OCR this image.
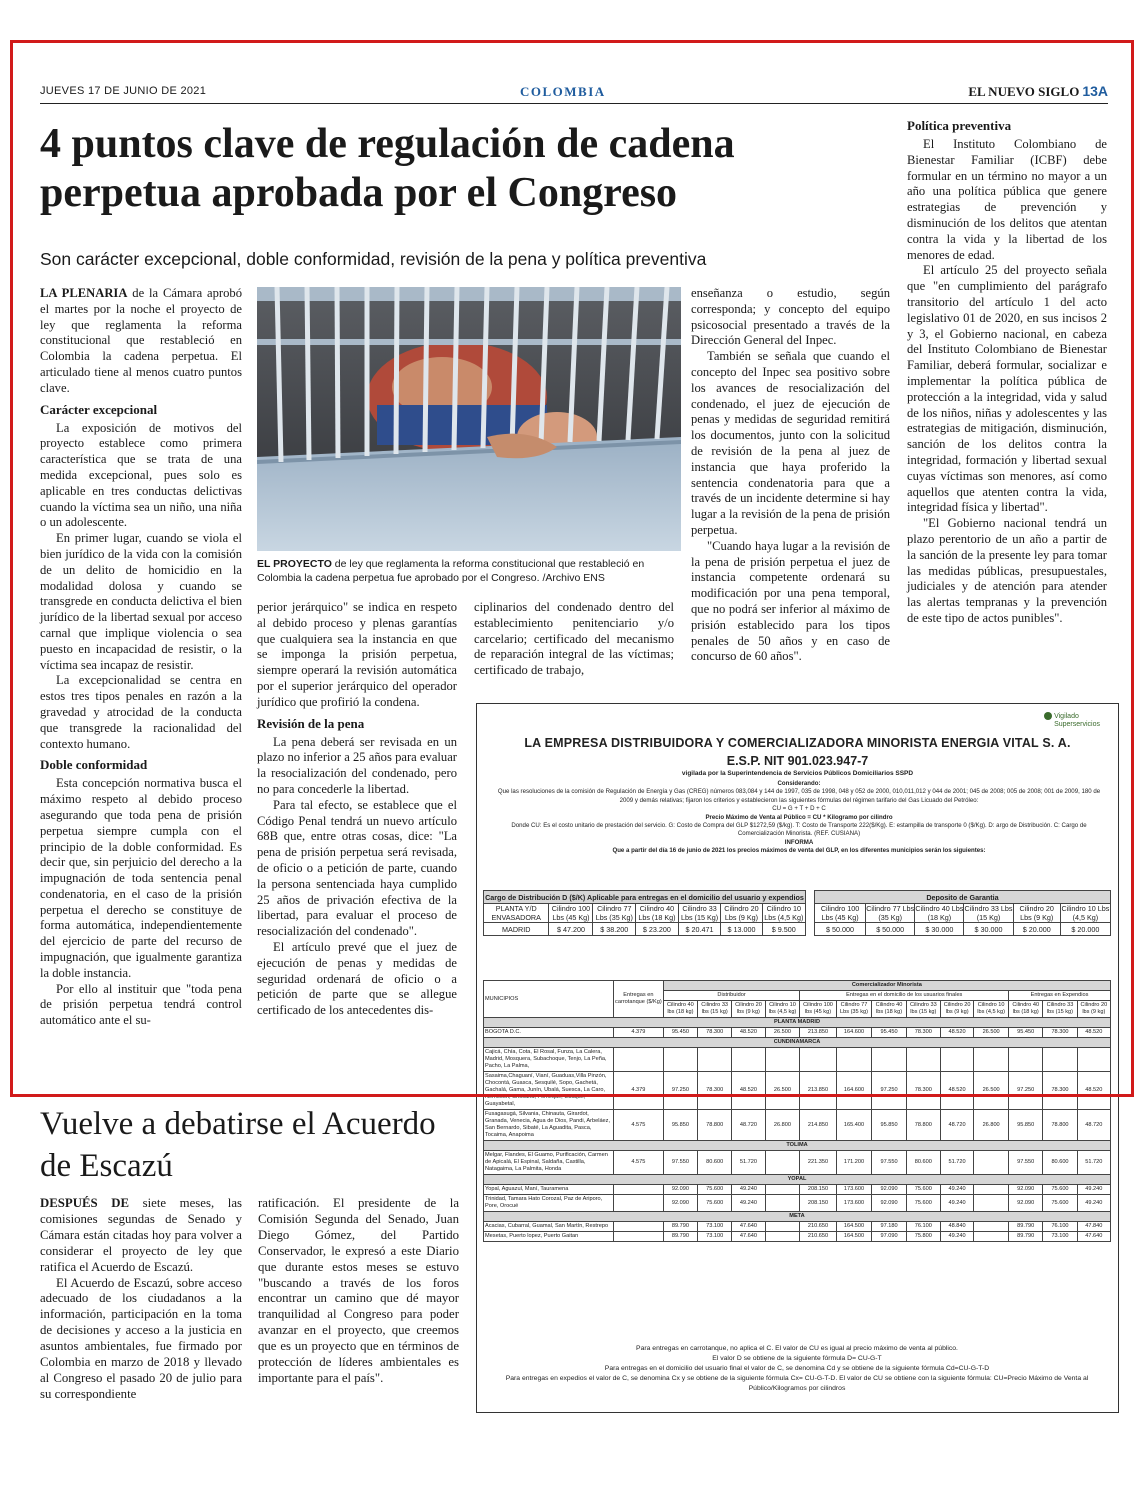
JUEVES 17 DE JUNIO DE 2021	COLOMBIA	EL NUEVO SIGLO 13A
4 puntos clave de regulación de cadena perpetua aprobada por el Congreso
Son carácter excepcional, doble conformidad, revisión de la pena y política preventiva

LA PLENARIA de la Cámara aprobó el martes por la noche el proyecto de ley que reglamenta la reforma constitucional que restableció en Colombia la cadena perpetua. El articulado tiene al menos cuatro puntos clave.

Carácter excepcional

La exposición de motivos del proyecto establece como primera característica que se trata de una medida excepcional, pues solo es aplicable en tres conductas delictivas cuando la víctima sea un niño, una niña o un adolescente.

En primer lugar, cuando se viola el bien jurídico de la vida con la comisión de un delito de homicidio en la modalidad dolosa y cuando se transgrede en conducta delictiva el bien jurídico de la libertad sexual por acceso carnal que implique violencia o sea puesto en incapacidad de resistir, o la víctima sea incapaz de resistir.

La excepcionalidad se centra en estos tres tipos penales en razón a la gravedad y atrocidad de la conducta que transgrede la racionalidad del contexto humano.

Doble conformidad

Esta concepción normativa busca el máximo respeto al debido proceso asegurando que toda pena de prisión perpetua siempre cumpla con el principio de la doble conformidad. Es decir que, sin perjuicio del derecho a la impugnación de toda sentencia penal condenatoria, en el caso de la prisión perpetua el derecho se constituye de forma automática, independientemente del ejercicio de parte del recurso de impugnación, que igualmente garantiza la doble instancia.

Por ello al instituir que "toda pena de prisión perpetua tendrá control automático ante el su-

EL PROYECTO de ley que reglamenta la reforma constitucional que restableció en Colombia la cadena perpetua fue aprobado por el Congreso. /Archivo ENS

perior jerárquico" se indica en respeto al debido proceso y plenas garantías que cualquiera sea la instancia en que se imponga la prisión perpetua, siempre operará la revisión automática por el superior jerárquico del operador jurídico que profirió la condena.

Revisión de la pena

La pena deberá ser revisada en un plazo no inferior a 25 años para evaluar la resocialización del condenado, pero no para concederle la libertad.

Para tal efecto, se establece que el Código Penal tendrá un nuevo artículo 68B que, entre otras cosas, dice: "La pena de prisión perpetua será revisada, de oficio o a petición de parte, cuando la persona sentenciada haya cumplido 25 años de privación efectiva de la libertad, para evaluar el proceso de resocialización del condenado".

El artículo prevé que el juez de ejecución de penas y medidas de seguridad ordenará de oficio o a petición de parte que se allegue certificado de los antecedentes dis-

ciplinarios del condenado dentro del establecimiento penitenciario y/o carcelario; certificado del mecanismo de reparación integral de las víctimas; certificado de trabajo,

enseñanza o estudio, según corresponda; y concepto del equipo psicosocial presentado a través de la Dirección General del Inpec.

También se señala que cuando el concepto del Inpec sea positivo sobre los avances de resocialización del condenado, el juez de ejecución de penas y medidas de seguridad remitirá los documentos, junto con la solicitud de revisión de la pena al juez de instancia que haya proferido la sentencia condenatoria para que a través de un incidente determine si hay lugar a la revisión de la pena de prisión perpetua.

"Cuando haya lugar a la revisión de la pena de prisión perpetua el juez de instancia competente ordenará su modificación por una pena temporal, que no podrá ser inferior al máximo de prisión establecido para los tipos penales de 50 años y en caso de concurso de 60 años".

Política preventiva

El Instituto Colombiano de Bienestar Familiar (ICBF) debe formular en un término no mayor a un año una política pública que genere estrategias de prevención y disminución de los delitos que atentan contra la vida y la libertad de los menores de edad.

El artículo 25 del proyecto señala que "en cumplimiento del parágrafo transitorio del artículo 1 del acto legislativo 01 de 2020, en sus incisos 2 y 3, el Gobierno nacional, en cabeza del Instituto Colombiano de Bienestar Familiar, deberá formular, socializar e implementar la política pública de protección a la integridad, vida y salud de los niños, niñas y adolescentes y las estrategias de mitigación, disminución, sanción de los delitos contra la integridad, formación y libertad sexual cuyas víctimas son menores, así como aquellos que atenten contra la vida, integridad física y libertad".

"El Gobierno nacional tendrá un plazo perentorio de un año a partir de la sanción de la presente ley para tomar las medidas públicas, presupuestales, judiciales y de atención para atender las alertas tempranas y la prevención de este tipo de actos punibles".

Vigilado
Superservicios
LA EMPRESA DISTRIBUIDORA Y COMERCIALIZADORA MINORISTA ENERGIA VITAL S. A.
E.S.P. NIT 901.023.947-7
vigilada por la Superintendencia de Servicios Públicos Domiciliarios SSPD
Considerando:
Que las resoluciones de la comisión de Regulación de Energía y Gas (CREG) números 083,084 y 144 de 1997, 035 de 1998, 048 y 052 de 2000, 010,011,012 y 044 de 2001; 045 de 2008; 005 de 2008; 001 de 2009, 180 de 2009 y demás relativas; fijaron los criterios y establecieron las siguientes fórmulas del régimen tarifario del Gas Licuado del Petróleo:
CU = G + T + D + C
Precio Máximo de Venta al Público = CU * Kilogramo por cilindro
Donde CU: Es el costo unitario de prestación del servicio. G: Costo de Compra del GLP $1272,59 ($/kg). T: Costo de Transporte 222($/Kg). E: estampilla de transporte 0 ($/Kg). D: argo de Distribución. C: Cargo de Comercialización Minorista. (REF. CUSIANA)
INFORMA
Que a partir del día 16 de junio de 2021 los precios máximos de venta del GLP, en los diferentes municipios serán los siguientes:
Cargo de Distribución D ($/K) Aplicable para entregas en el domicilio del usuario y expendios						
PLANTA Y/D ENVASADORA	Cilindro 100 Lbs (45 Kg)	Cilindro 77 Lbs (35 Kg)	Cilindro 40 Lbs (18 Kg)	Cilindro 33 Lbs (15 Kg)	Cilindro 20 Lbs (9 Kg)	Cilindro 10 Lbs (4,5 Kg)
MADRID	$ 47.200	$ 38.200	$ 23.200	$ 20.471	$ 13.000	$ 9.500
Deposito de Garantia					
Cilindro 100 Lbs (45 Kg)	Cilindro 77 Lbs (35 Kg)	Cilindro 40 Lbs (18 Kg)	Cilindro 33 Lbs (15 Kg)	Cilindro 20 Lbs (9 Kg)	Cilindro 10 Lbs (4,5 Kg)
$ 50.000	$ 50.000	$ 30.000	$ 30.000	$ 20.000	$ 20.000
MUNICIPIOS	Entregas en carrotanque ($/Kg)	Comercializador Minorista												
		Distribuidor				Entregas en el domicilio de los usuarios finales						Entregas en Expendios		
		Cilindro 40 lbs (18 kg)	Cilindro 33 lbs (15 kg)	Cilindro 20 lbs (9 kg)	Cilindro 10 lbs (4,5 kg)	Cilindro 100 lbs (45 kg)	Cilindro 77 Lbs (35 kg)	Cilindro 40 lbs (18 kg)	Cilindro 33 lbs (15 kg)	Cilindro 20 lbs (9 kg)	Cilindro 10 lbs (4,5 kg)	Cilindro 40 lbs (18 kg)	Cilindro 33 lbs (15 kg)	Cilindro 20 lbs (9 kg)
PLANTA MADRID														
BOGOTA D.C.	4.379	95.450	78.300	48.520	26.500	213.850	164.600	95.450	78.300	48.520	26.500	95.450	78.300	48.520
CUNDINAMARCA														
Cajicá, Chía, Cota, El Rosal, Funza, La Calera, Madrid, Mosquera, Subachoque, Tenjo, La Peña, Pacho, La Palma,														
Sasaima,Chaguaní, Vianí, Guaduas,Villa Pinzón, Chocontá, Guasca, Sesquilé, Sopo, Gachetá, Gachalá, Gama, Junín, Ubalá, Suesca, La Caro, Nemocón, Chocahá, Fómeque, Ubaque, Guayabetal,	4.379	97.250	78.300	48.520	26.500	213.850	164.600	97.250	78.300	48.520	26.500	97.250	78.300	48.520
Fusagasugá, Silvania, Chinauta, Girardot, Granada, Venecia, Agua de Dios, Pandi, Arbeláez, San Bernardo, Sibaté, La Aguadita, Pasca, Tocaima, Anapoima	4.575	95.850	78.800	48.720	26.800	214.850	165.400	95.850	78.800	48.720	26.800	95.850	78.800	48.720
TOLIMA														
Melgar, Flandes, El Guamo, Purificación, Carmen de Apicalá, El Espinal, Saldaña, Castilla, Natagaima, La Palmita, Honda	4.575	97.550	80.600	51.720		221.350	171.200	97.550	80.600	51.720		97.550	80.600	51.720
YOPAL														
Yopal, Aguazul, Maní, Tauramena		92.090	75.600	49.240		208.150	173.600	92.090	75.600	49.240		92.090	75.600	49.240
Trinidad, Tamara Hato Corozal, Paz de Ariporo, Pore, Orocué		92.090	75.600	49.240		208.150	173.600	92.090	75.600	49.240		92.090	75.600	49.240
META														
Acacias, Cubarral, Guamal, San Martín, Restrepo		89.790	73.100	47.640		210.650	164.500	97.180	76.100	48.840		89.790	76.100	47.840
Mesetas, Puerto lopez, Puerto Gaitan		89.790	73.100	47.640		210.650	164.500	97.090	75.800	49.240		89.790	73.100	47.640
Para entregas en carrotanque, no aplica el C. El valor de CU es igual al precio máximo de venta al público.
El valor D se obtiene de la siguiente fórmula D= CU-G-T
Para entregas en el domicilio del usuario final el valor de C, se denomina Cd y se obtiene de la siguiente fórmula Cd=CU-G-T-D
Para entregas en expedios el valor de C, se denomina Cx y se obtiene de la siguiente fórmula Cx= CU-G-T-D. El valor de CU se obtiene con la siguiente fórmula: CU=Precio Máximo de Venta al Público/Kilogramos por cilindros
Vuelve a debatirse el Acuerdo de Escazú

DESPUÉS DE siete meses, las comisiones segundas de Senado y Cámara están citadas hoy para volver a considerar el proyecto de ley que ratifica el Acuerdo de Escazú.

El Acuerdo de Escazú, sobre acceso adecuado de los ciudadanos a la información, participación en la toma de decisiones y acceso a la justicia en asuntos ambientales, fue firmado por Colombia en marzo de 2018 y llevado al Congreso el pasado 20 de julio para su correspondiente

ratificación. El presidente de la Comisión Segunda del Senado, Juan Diego Gómez, del Partido Conservador, le expresó a este Diario que durante estos meses se estuvo "buscando a través de los foros encontrar un camino que dé mayor tranquilidad al Congreso para poder avanzar en el proyecto, que creemos que es un proyecto que en términos de protección de líderes ambientales es importante para el país".
